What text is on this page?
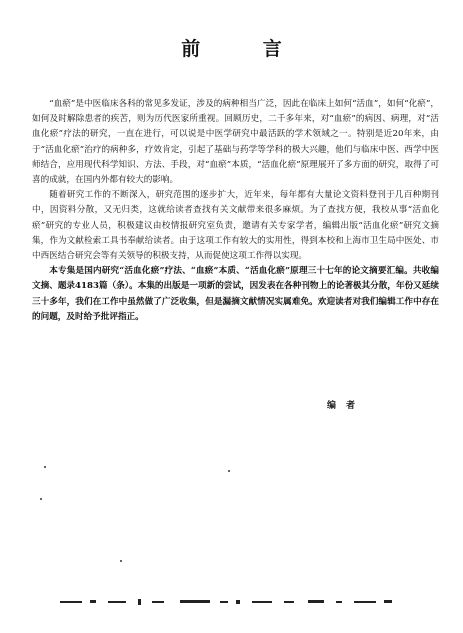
前 言

“血瘀”是中医临床各科的常见多发证，涉及的病种相当广泛，因此在临床上如何“活血”，如何“化瘀”，如何及时解除患者的疾苦，则为历代医家所重视。回顾历史，二千多年来，对“血瘀”的病因、病理，对“活血化瘀”疗法的研究，一直在进行，可以说是中医学研究中最活跃的学术领域之一。特别是近20年来，由于“活血化瘀”治疗的病种多，疗效肯定，引起了基础与药学等学科的极大兴趣，他们与临床中医、西学中医师结合，应用现代科学知识、方法、手段，对“血瘀”本质，“活血化瘀”原理展开了多方面的研究，取得了可喜的成就，在国内外都有较大的影响。

随着研究工作的不断深入，研究范围的逐步扩大，近年来，每年都有大量论文资料登刊于几百种期刊中，因资料分散，又无归类，这就给读者查找有关文献带来很多麻烦。为了查找方便，我校从事“活血化瘀”研究的专业人员，积极建议由校情报研究室负责，邀请有关专家学者，编辑出版“活血化瘀”研究文摘集，作为文献检索工具书奉献给读者。由于这项工作有较大的实用性，得到本校和上海市卫生局中医处、市中西医结合研究会等有关领导的积极支持，从而促使这项工作得以实现。

本专集是国内研究“活血化瘀”疗法、“血瘀”本质、“活血化瘀”原理三十七年的论文摘要汇编。共收编文摘、题录4183篇（条）。本集的出版是一项新的尝试，因发表在各种刊物上的论著极其分散，年份又延续三十多年，我们在工作中虽然做了广泛收集，但是漏摘文献情况实属难免。欢迎读者对我们编辑工作中存在的问题，及时给予批评指正。

编者
